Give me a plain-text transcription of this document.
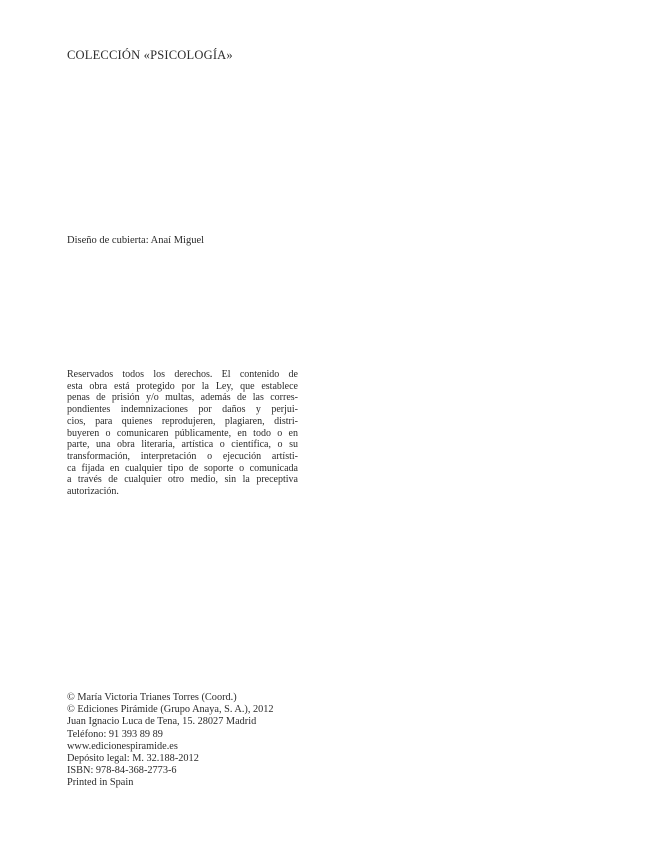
COLECCIÓN «PSICOLOGÍA»
Diseño de cubierta: Anaí Miguel
Reservados todos los derechos. El contenido de
esta obra está protegido por la Ley, que establece
penas de prisión y/o multas, además de las corres-
pondientes indemnizaciones por daños y perjui-
cios, para quienes reprodujeren, plagiaren, distri-
buyeren o comunicaren públicamente, en todo o en
parte, una obra literaria, artística o científica, o su
transformación, interpretación o ejecución artísti-
ca fijada en cualquier tipo de soporte o comunicada
a través de cualquier otro medio, sin la preceptiva
autorización.
© María Victoria Trianes Torres (Coord.)
© Ediciones Pirámide (Grupo Anaya, S. A.), 2012
Juan Ignacio Luca de Tena, 15. 28027 Madrid
Teléfono: 91 393 89 89
www.edicionespiramide.es
Depósito legal: M. 32.188-2012
ISBN: 978-84-368-2773-6
Printed in Spain
